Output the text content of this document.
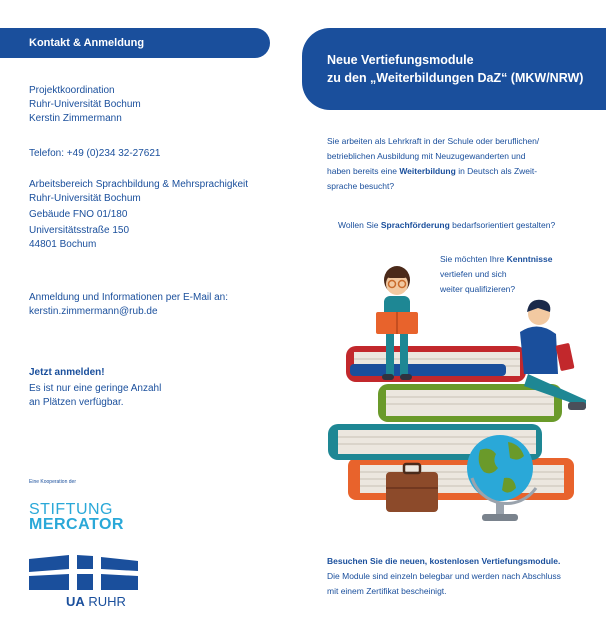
Kontakt & Anmeldung
Projektkoordination
Ruhr-Universität Bochum
Kerstin Zimmermann
Telefon: +49 (0)234 32-27621
Arbeitsbereich Sprachbildung & Mehrsprachigkeit
Ruhr-Universität Bochum
Gebäude FNO 01/180
Universitätsstraße 150
44801 Bochum
Anmeldung und Informationen per E-Mail an:
kerstin.zimmermann@rub.de
Jetzt anmelden!
Es ist nur eine geringe Anzahl
an Plätzen verfügbar.
Eine Kooperation der
STIFTUNG
MERCATOR
UA RUHR
Neue Vertiefungsmodule
zu den „Weiterbildungen DaZ“ (MKW/NRW)
Sie arbeiten als Lehrkraft in der Schule oder beruflichen/
betrieblichen Ausbildung mit Neuzugewanderten und
haben bereits eine Weiterbildung in Deutsch als Zweit-
sprache besucht?
Wollen Sie Sprachförderung bedarfsorientiert gestalten?
Sie möchten Ihre Kenntnisse
vertiefen und sich
weiter qualifizieren?
Besuchen Sie die neuen, kostenlosen Vertiefungsmodule.
Die Module sind einzeln belegbar und werden nach Abschluss
mit einem Zertifikat bescheinigt.
